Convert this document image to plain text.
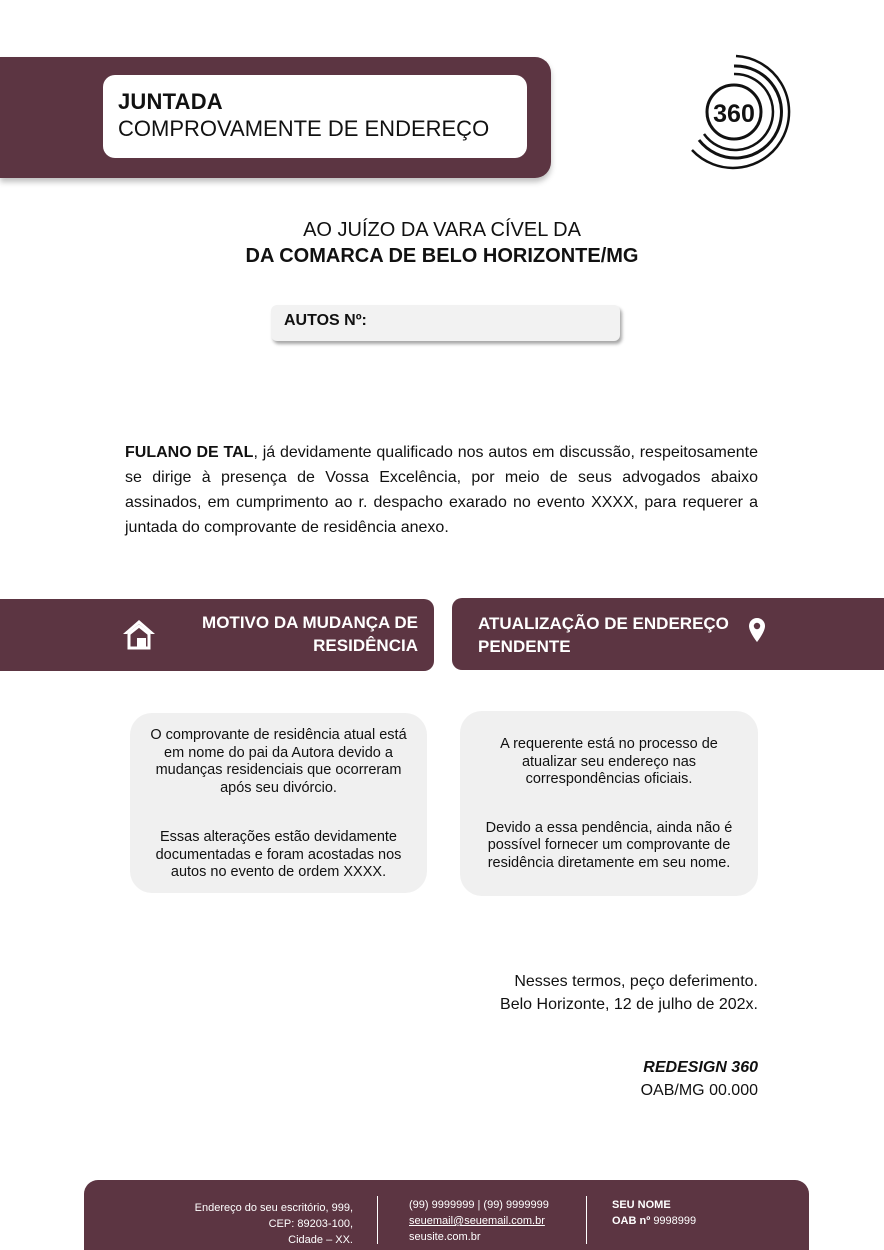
JUNTADA
COMPROVAMENTE DE ENDEREÇO
360
AO JUÍZO DA VARA CÍVEL DA
DA COMARCA DE BELO HORIZONTE/MG
AUTOS Nº:
FULANO DE TAL, já devidamente qualificado nos autos em discussão, respeitosamente se dirige à presença de Vossa Excelência, por meio de seus advogados abaixo assinados, em cumprimento ao r. despacho exarado no evento XXXX, para requerer a juntada do comprovante de residência anexo.
MOTIVO DA MUDANÇA DE
RESIDÊNCIA
ATUALIZAÇÃO DE ENDEREÇO
PENDENTE

O comprovante de residência atual está em nome do pai da Autora devido a mudanças residenciais que ocorreram após seu divórcio.

Essas alterações estão devidamente documentadas e foram acostadas nos autos no evento de ordem XXXX.

A requerente está no processo de atualizar seu endereço nas correspondências oficiais.

Devido a essa pendência, ainda não é possível fornecer um comprovante de residência diretamente em seu nome.

Nesses termos, peço deferimento.
Belo Horizonte, 12 de julho de 202x.
REDESIGN 360
OAB/MG 00.000
Endereço do seu escritório, 999,
CEP: 89203-100,
Cidade – XX.
(99) 9999999 | (99) 9999999
seuemail@seuemail.com.br
seusite.com.br
SEU NOME
OAB nº 9998999
